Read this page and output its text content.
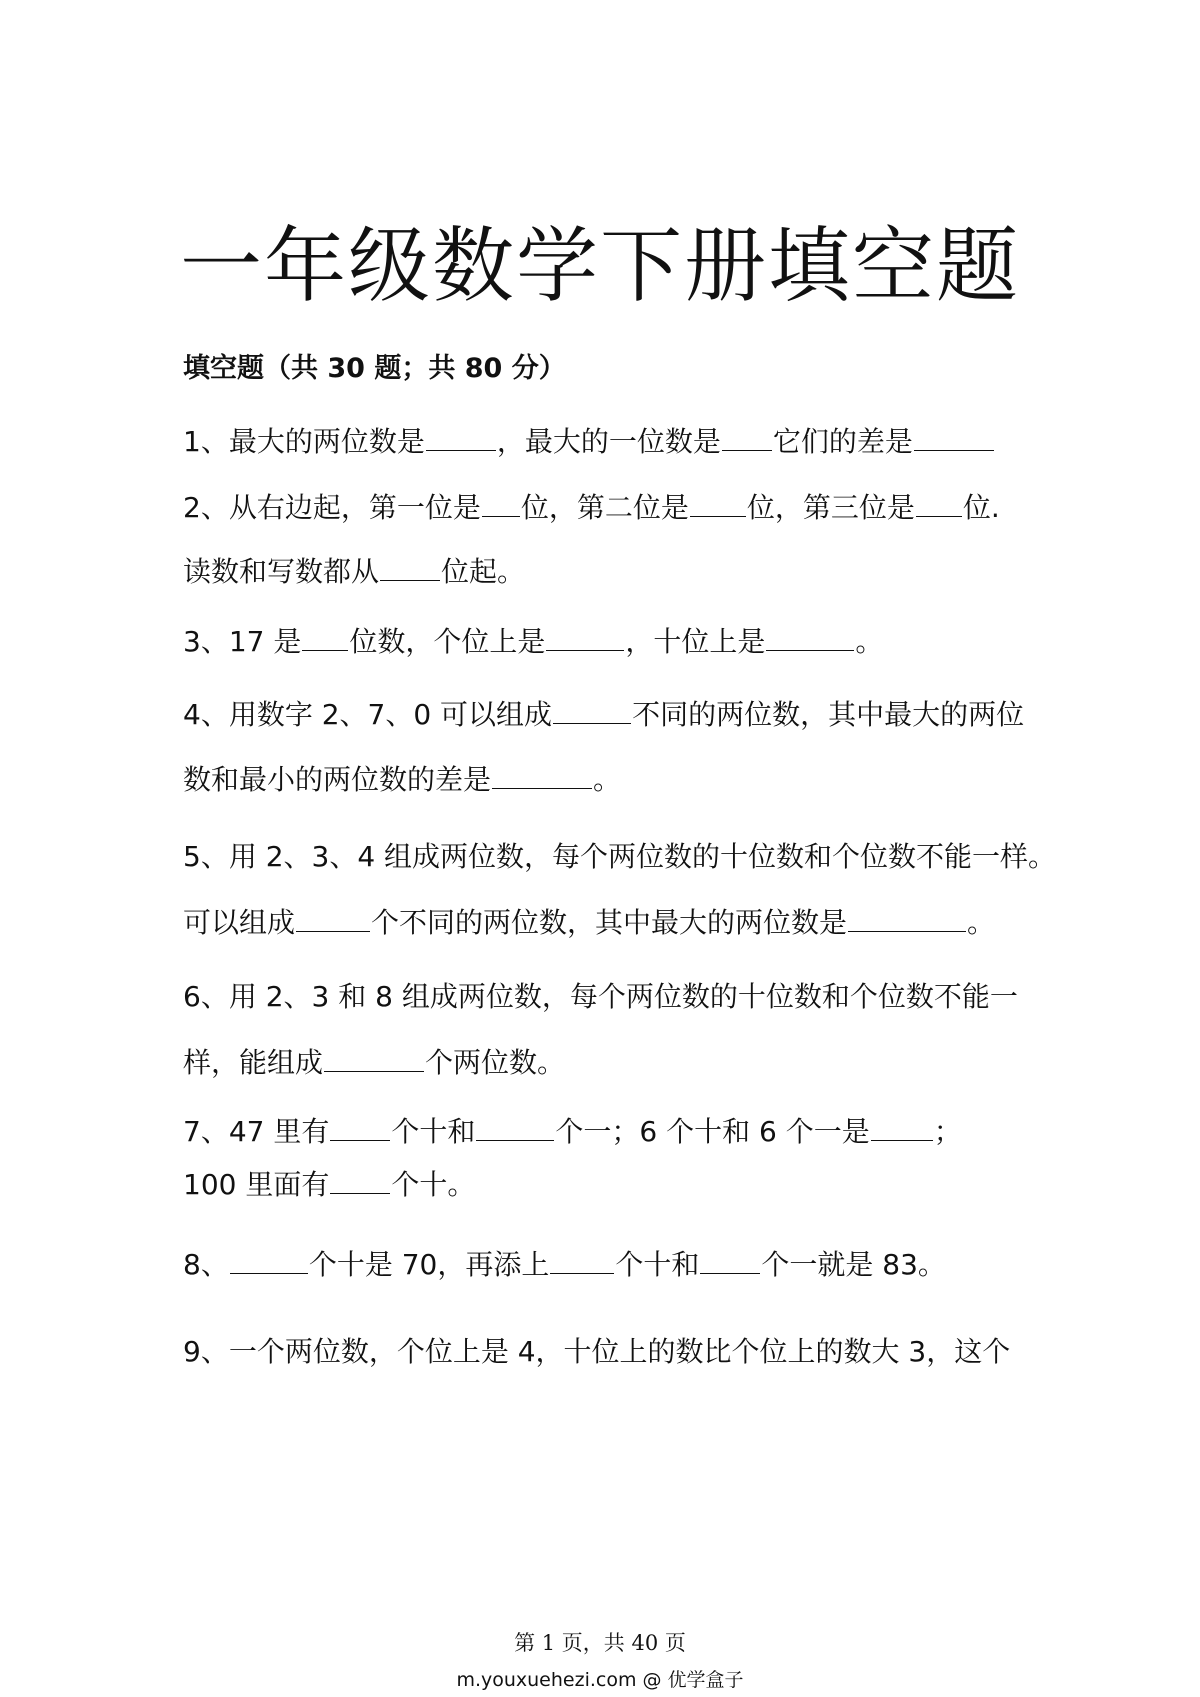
一年级数学下册填空题
填空题（共 30 题；共 80 分）
1、最大的两位数是	，最大的一位数是 它们的差是
2、从右边起，第一位是 位，第二位是 位，第三位是 位.
读数和写数都从 位起。
3、17 是 位数，个位上是	，十位上是	。
4、用数字 2、7、0 可以组成	不同的两位数，其中最大的两位
数和最小的两位数的差是	。
5、用 2、3、4 组成两位数，每个两位数的十位数和个位数不能一样。
可以组成	个不同的两位数，其中最大的两位数是	。
6、用 2、3 和 8 组成两位数，每个两位数的十位数和个位数不能一
样，能组成	个两位数。
7、47 里有 个十和	个一；6 个十和 6 个一是 ；
100 里面有 个十。
8、	个十是 70，再添上 个十和 个一就是 83。
9、一个两位数，个位上是 4，十位上的数比个位上的数大 3，这个
第 1 页，共 40 页
m.youxuehezi.com @ 优学盒子
